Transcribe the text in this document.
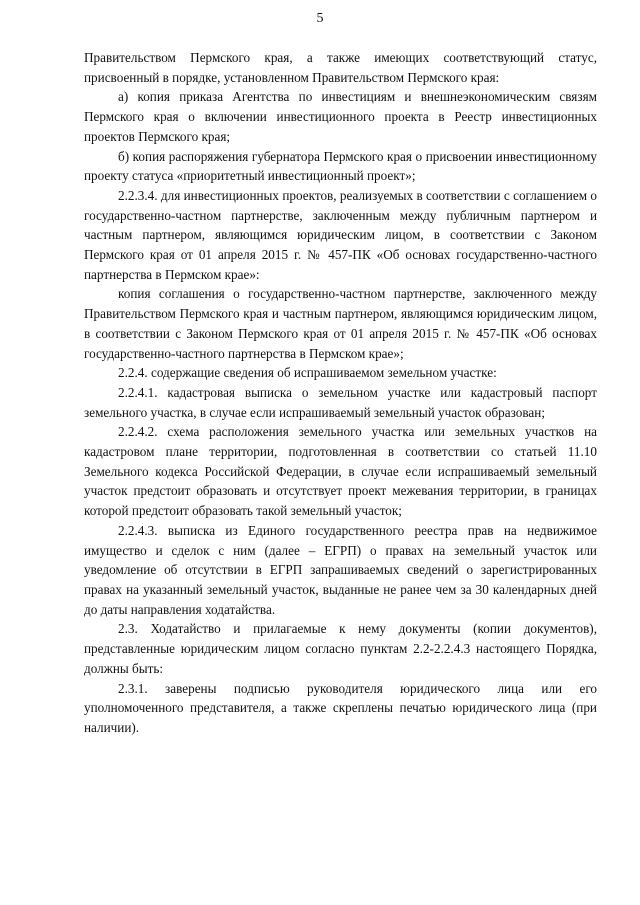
5

Правительством Пермского края, а также имеющих соответствующий статус, присвоенный в порядке, установленном Правительством Пермского края:

а) копия приказа Агентства по инвестициям и внешнеэкономическим связям Пермского края о включении инвестиционного проекта в Реестр инвестиционных проектов Пермского края;

б) копия распоряжения губернатора Пермского края о присвоении инвестиционному проекту статуса «приоритетный инвестиционный проект»;

2.2.3.4. для инвестиционных проектов, реализуемых в соответствии с соглашением о государственно-частном партнерстве, заключенным между публичным партнером и частным партнером, являющимся юридическим лицом, в соответствии с Законом Пермского края от 01 апреля 2015 г. № 457-ПК «Об основах государственно-частного партнерства в Пермском крае»:

копия соглашения о государственно-частном партнерстве, заключенного между Правительством Пермского края и частным партнером, являющимся юридическим лицом, в соответствии с Законом Пермского края от 01 апреля 2015 г. № 457-ПК «Об основах государственно-частного партнерства в Пермском крае»;

2.2.4. содержащие сведения об испрашиваемом земельном участке:

2.2.4.1. кадастровая выписка о земельном участке или кадастровый паспорт земельного участка, в случае если испрашиваемый земельный участок образован;

2.2.4.2. схема расположения земельного участка или земельных участков на кадастровом плане территории, подготовленная в соответствии со статьей 11.10 Земельного кодекса Российской Федерации, в случае если испрашиваемый земельный участок предстоит образовать и отсутствует проект межевания территории, в границах которой предстоит образовать такой земельный участок;

2.2.4.3. выписка из Единого государственного реестра прав на недвижимое имущество и сделок с ним (далее – ЕГРП) о правах на земельный участок или уведомление об отсутствии в ЕГРП запрашиваемых сведений о зарегистрированных правах на указанный земельный участок, выданные не ранее чем за 30 календарных дней до даты направления ходатайства.

2.3. Ходатайство и прилагаемые к нему документы (копии документов), представленные юридическим лицом согласно пунктам 2.2-2.2.4.3 настоящего Порядка, должны быть:

2.3.1. заверены подписью руководителя юридического лица или его уполномоченного представителя, а также скреплены печатью юридического лица (при наличии).
